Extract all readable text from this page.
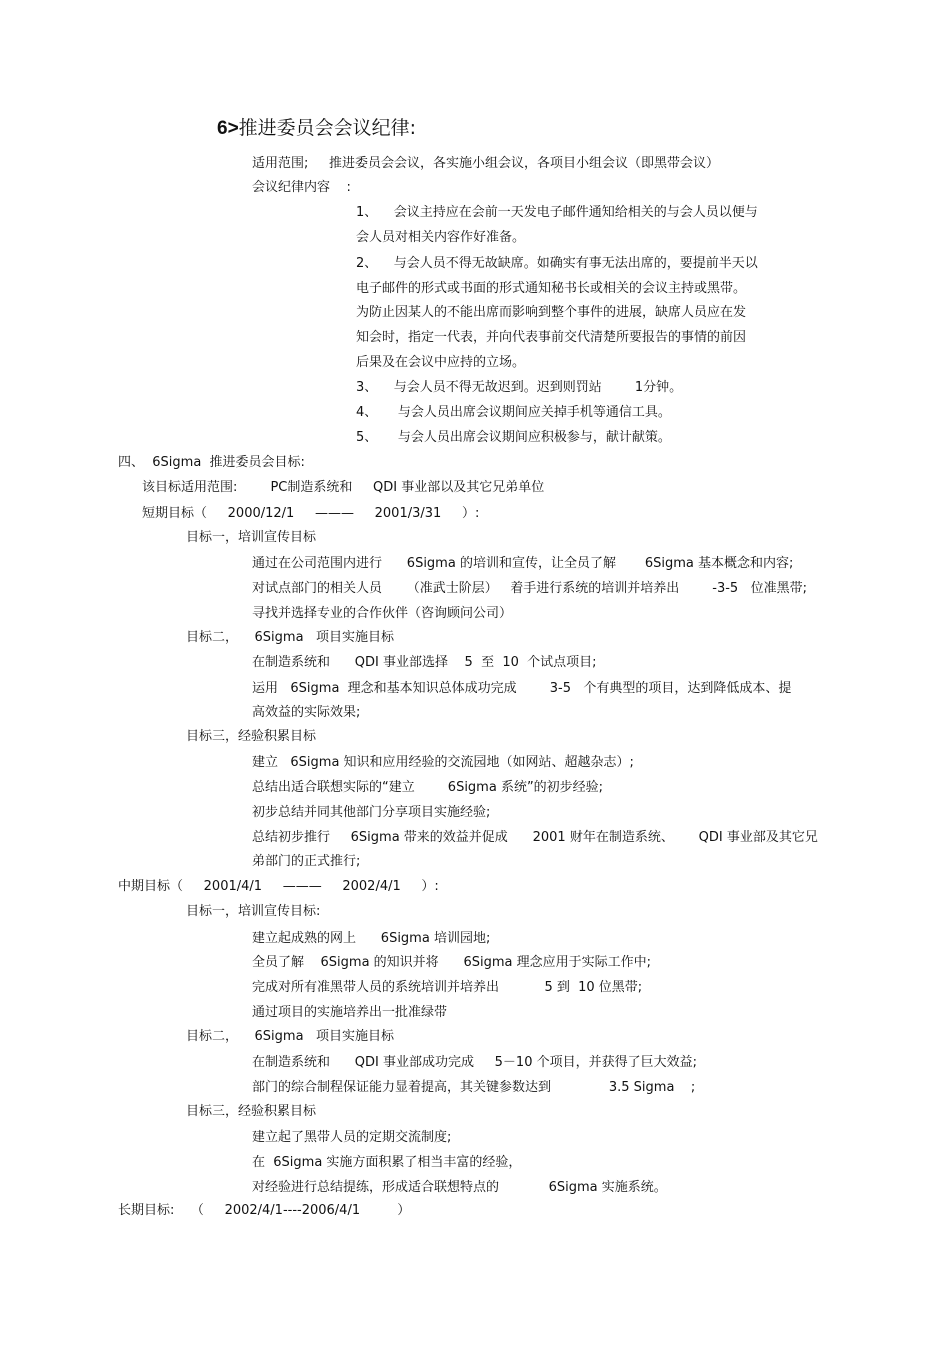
6>推进委员会会议纪律:
适用范围;     推进委员会会议，各实施小组会议，各项目小组会议（即黑带会议）
会议纪律内容    :
1、    会议主持应在会前一天发电子邮件通知给相关的与会人员以便与
会人员对相关内容作好准备。
2、    与会人员不得无故缺席。如确实有事无法出席的，要提前半天以
电子邮件的形式或书面的形式通知秘书长或相关的会议主持或黑带。
为防止因某人的不能出席而影响到整个事件的进展，缺席人员应在发
知会时，指定一代表，并向代表事前交代清楚所要报告的事情的前因
后果及在会议中应持的立场。
3、    与会人员不得无故迟到。迟到则罚站        1分钟。
4、     与会人员出席会议期间应关掉手机等通信工具。
5、     与会人员出席会议期间应积极参与，献计献策。
四、  6Sigma  推进委员会目标:
该目标适用范围:        PC制造系统和     QDI 事业部以及其它兄弟单位
短期目标（     2000/12/1     ———     2001/3/31     ）:
目标一，培训宣传目标
通过在公司范围内进行      6Sigma 的培训和宣传，让全员了解       6Sigma 基本概念和内容;
对试点部门的相关人员      （准武士阶层）   着手进行系统的培训并培养出        -3-5   位准黑带;
寻找并选择专业的合作伙伴（咨询顾问公司）
目标二，    6Sigma   项目实施目标
在制造系统和      QDI 事业部选择    5  至  10  个试点项目;
运用   6Sigma  理念和基本知识总体成功完成        3-5   个有典型的项目，达到降低成本、提
高效益的实际效果;
目标三，经验积累目标
建立   6Sigma 知识和应用经验的交流园地（如网站、超越杂志）;
总结出适合联想实际的“建立        6Sigma 系统”的初步经验;
初步总结并同其他部门分享项目实施经验;
总结初步推行     6Sigma 带来的效益并促成      2001 财年在制造系统、      QDI 事业部及其它兄
弟部门的正式推行;
中期目标（     2001/4/1     ———     2002/4/1     ）:
目标一，培训宣传目标:
建立起成熟的网上      6Sigma 培训园地;
全员了解    6Sigma 的知识并将      6Sigma 理念应用于实际工作中;
完成对所有准黑带人员的系统培训并培养出           5 到  10 位黑带;
通过项目的实施培养出一批准绿带
目标二，    6Sigma   项目实施目标
在制造系统和      QDI 事业部成功完成     5－10 个项目，并获得了巨大效益;
部门的综合制程保证能力显着提高，其关键参数达到              3.5 Sigma    ;
目标三，经验积累目标
建立起了黑带人员的定期交流制度;
在  6Sigma 实施方面积累了相当丰富的经验，
对经验进行总结提练，形成适合联想特点的            6Sigma 实施系统。
长期目标:    （     2002/4/1----2006/4/1         ）
